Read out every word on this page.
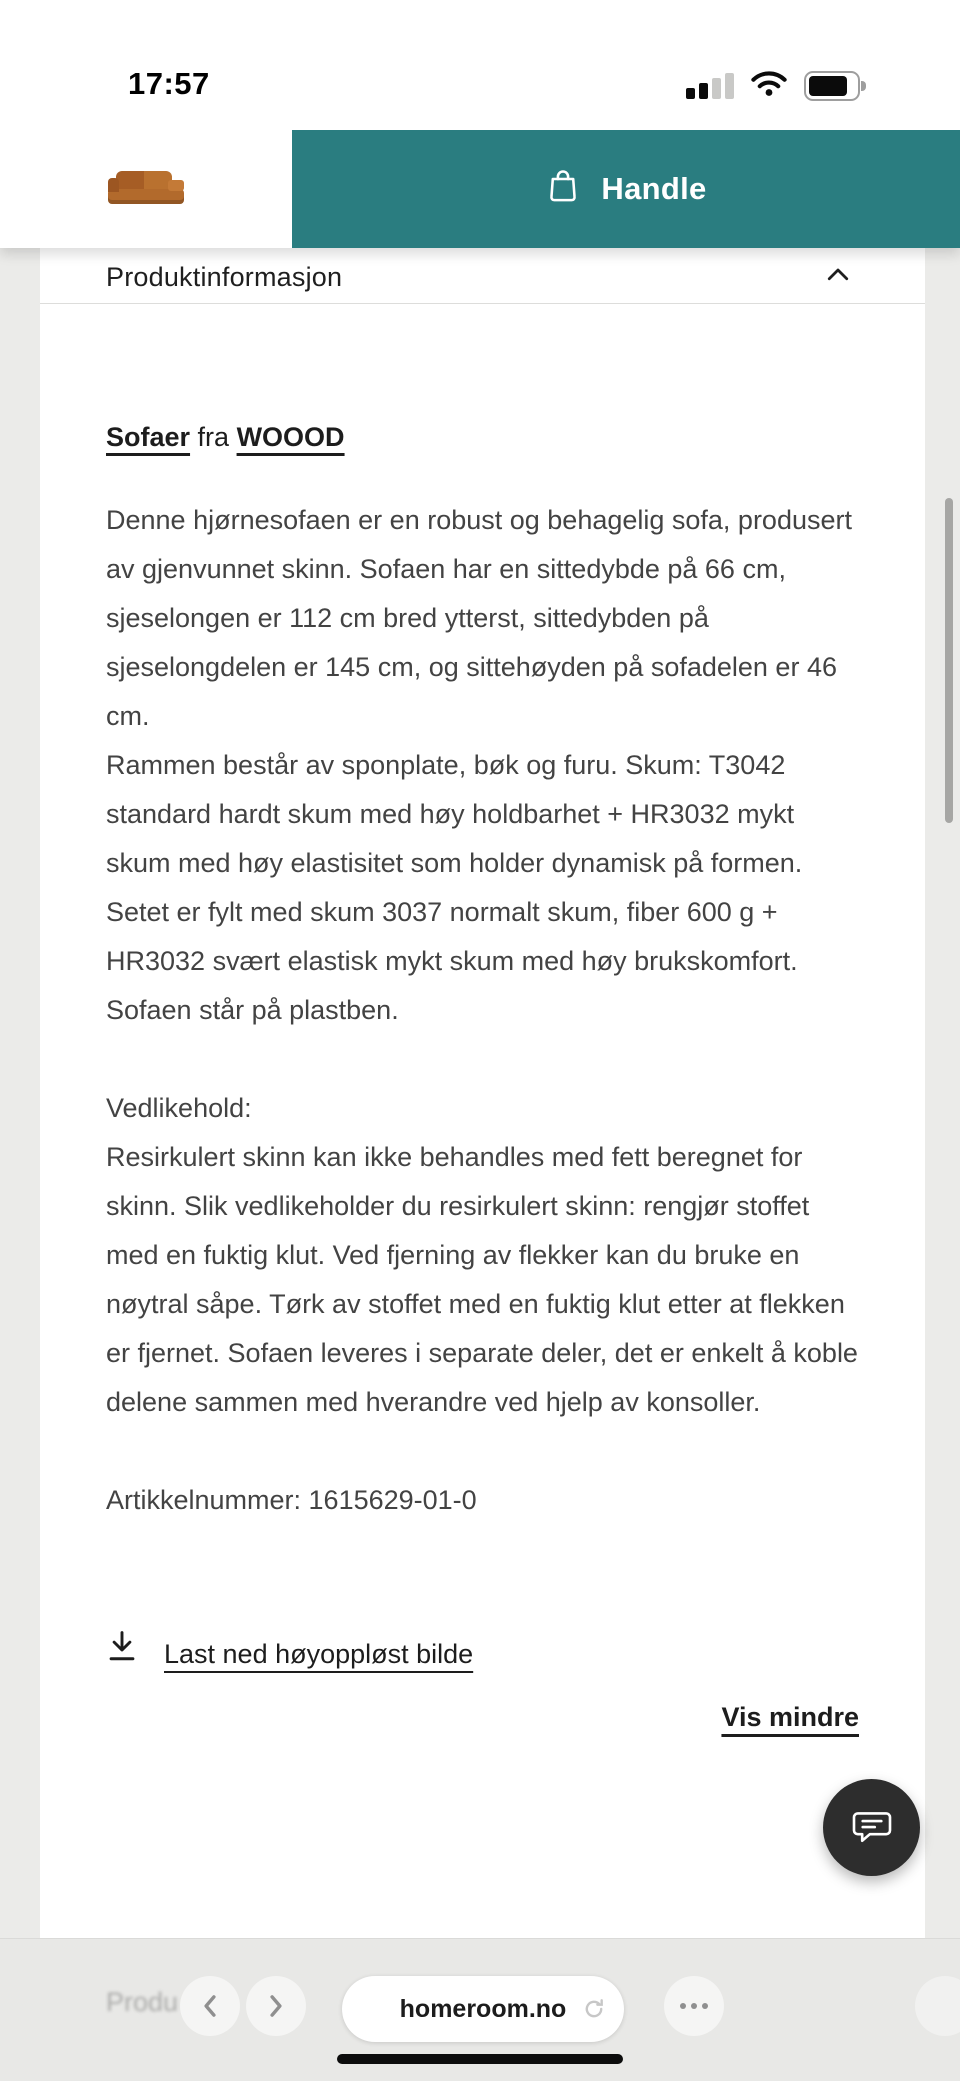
17:57
Handle
Produktinformasjon

Sofaer fra WOOOD

Denne hjørnesofaen er en robust og behagelig sofa, produsert av gjenvunnet skinn. Sofaen har en sittedybde på 66 cm, sjeselongen er 112 cm bred ytterst, sittedybden på sjeselongdelen er 145 cm, og sittehøyden på sofadelen er 46 cm.

Rammen består av sponplate, bøk og furu. Skum: T3042 standard hardt skum med høy holdbarhet + HR3032 mykt skum med høy elastisitet som holder dynamisk på formen. Setet er fylt med skum 3037 normalt skum, fiber 600 g + HR3032 svært elastisk mykt skum med høy brukskomfort. Sofaen står på plastben.

Vedlikehold:

Resirkulert skinn kan ikke behandles med fett beregnet for skinn. Slik vedlikeholder du resirkulert skinn: rengjør stoffet med en fuktig klut. Ved fjerning av flekker kan du bruke en nøytral såpe. Tørk av stoffet med en fuktig klut etter at flekken er fjernet. Sofaen leveres i separate deler, det er enkelt å koble delene sammen med hverandre ved hjelp av konsoller.

Artikkelnummer: 1615629-01-0

Last ned høyoppløst bilde
Vis mindre
Produ	homeroom.no
